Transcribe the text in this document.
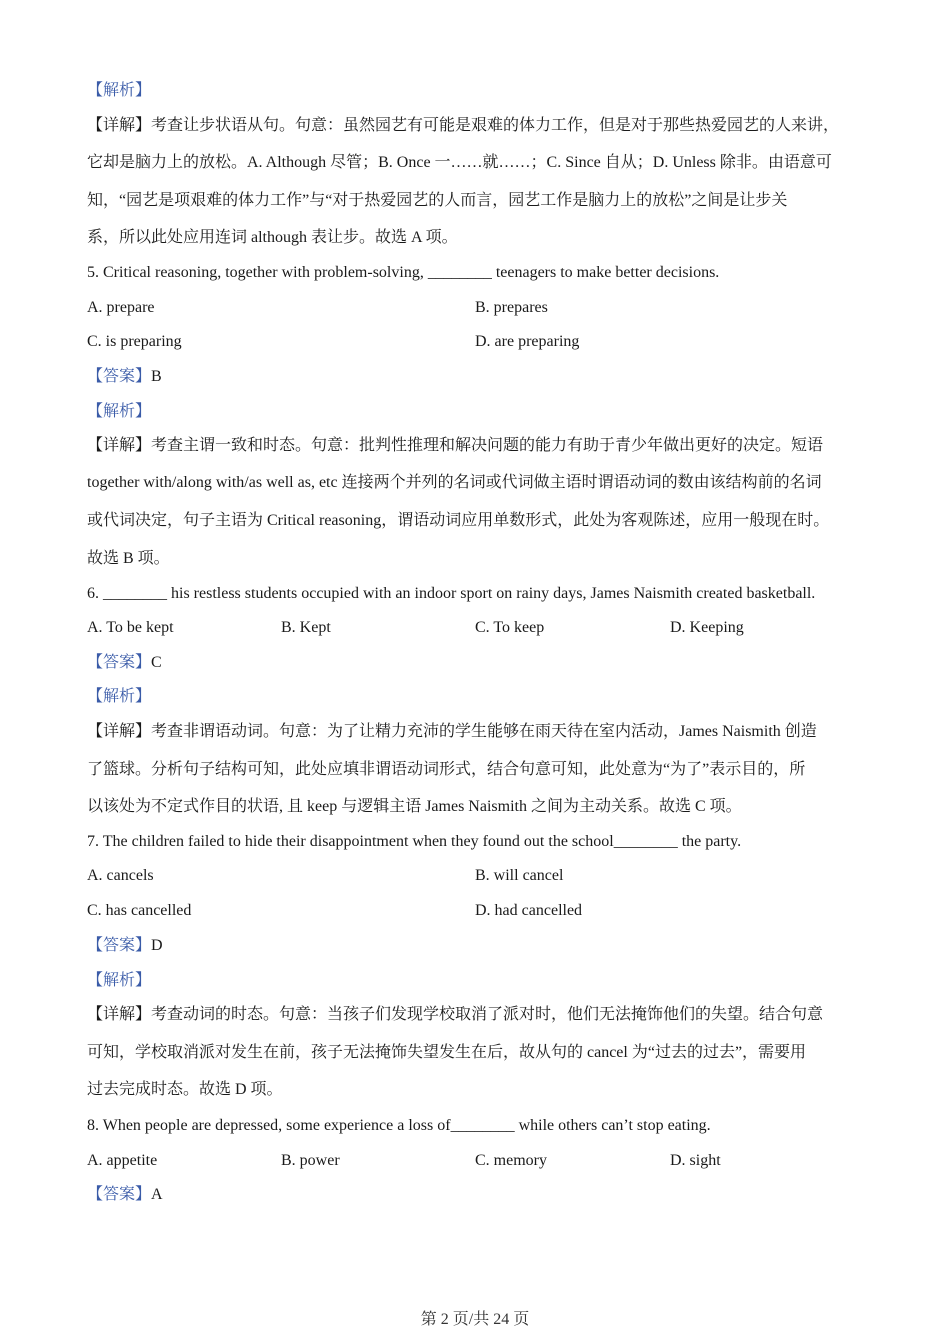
【解析】
【详解】考查让步状语从句。句意：虽然园艺有可能是艰难的体力工作，但是对于那些热爱园艺的人来讲，
它却是脑力上的放松。A. Although 尽管；B. Once 一……就……；C. Since 自从；D. Unless 除非。由语意可
知，“园艺是项艰难的体力工作”与“对于热爱园艺的人而言，园艺工作是脑力上的放松”之间是让步关
系，所以此处应用连词 although 表让步。故选 A 项。
5. Critical reasoning, together with problem-solving, ________ teenagers to make better decisions.
A. prepare	B. prepares
C. is preparing	D. are preparing
【答案】B
【解析】
【详解】考查主谓一致和时态。句意：批判性推理和解决问题的能力有助于青少年做出更好的决定。短语
together with/along with/as well as, etc 连接两个并列的名词或代词做主语时谓语动词的数由该结构前的名词
或代词决定，句子主语为 Critical reasoning，谓语动词应用单数形式，此处为客观陈述，应用一般现在时。
故选 B 项。
6. ________ his restless students occupied with an indoor sport on rainy days, James Naismith created basketball.
A. To be kept	B. Kept	C. To keep	D. Keeping
【答案】C
【解析】
【详解】考查非谓语动词。句意：为了让精力充沛的学生能够在雨天待在室内活动，James Naismith 创造
了篮球。分析句子结构可知，此处应填非谓语动词形式，结合句意可知，此处意为“为了”表示目的，所
以该处为不定式作目的状语, 且 keep 与逻辑主语 James Naismith 之间为主动关系。故选 C 项。
7. The children failed to hide their disappointment when they found out the school________ the party.
A. cancels	B. will cancel
C. has cancelled	D. had cancelled
【答案】D
【解析】
【详解】考查动词的时态。句意：当孩子们发现学校取消了派对时，他们无法掩饰他们的失望。结合句意
可知，学校取消派对发生在前，孩子无法掩饰失望发生在后，故从句的 cancel 为“过去的过去”，需要用
过去完成时态。故选 D 项。
8. When people are depressed, some experience a loss of________ while others can’t stop eating.
A. appetite	B. power	C. memory	D. sight
【答案】A
第 2 页/共 24 页
